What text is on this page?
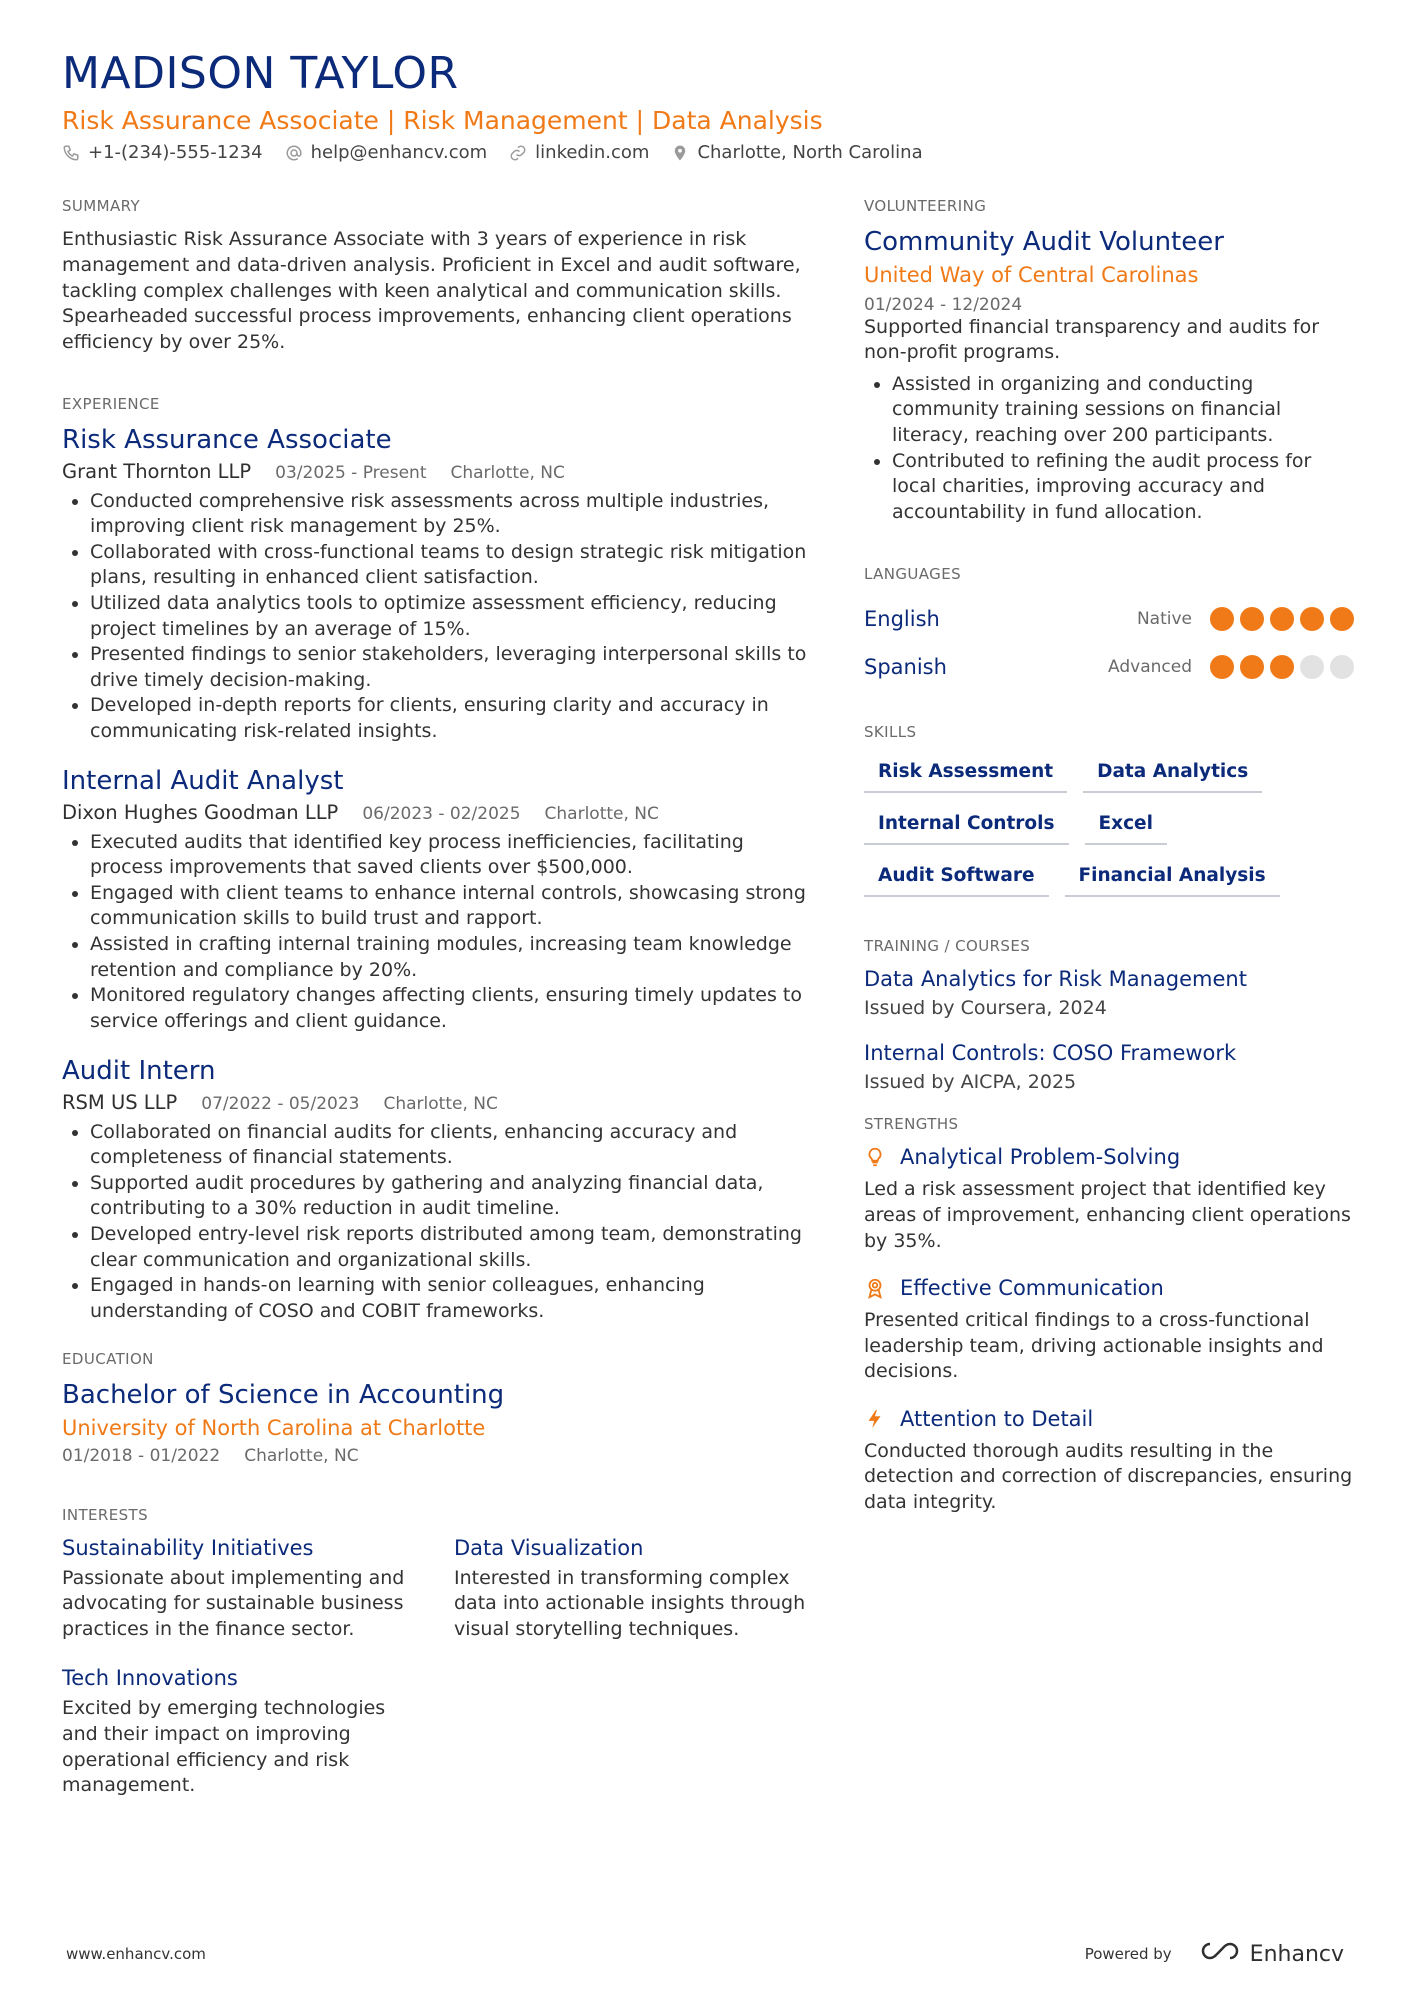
MADISON TAYLOR
Risk Assurance Associate | Risk Management | Data Analysis
+1-(234)-555-1234	help@enhancv.com	linkedin.com	Charlotte, North Carolina
SUMMARY

Enthusiastic Risk Assurance Associate with 3 years of experience in risk management and data-driven analysis. Proficient in Excel and audit software, tackling complex challenges with keen analytical and communication skills. Spearheaded successful process improvements, enhancing client operations efficiency by over 25%.

EXPERIENCE
Risk Assurance Associate
Grant Thornton LLP 03/2025 - Present Charlotte, NC
• Conducted comprehensive risk assessments across multiple industries, improving client risk management by 25%.
• Collaborated with cross-functional teams to design strategic risk mitigation plans, resulting in enhanced client satisfaction.
• Utilized data analytics tools to optimize assessment efficiency, reducing project timelines by an average of 15%.
• Presented findings to senior stakeholders, leveraging interpersonal skills to drive timely decision-making.
• Developed in-depth reports for clients, ensuring clarity and accuracy in communicating risk-related insights.
Internal Audit Analyst
Dixon Hughes Goodman LLP 06/2023 - 02/2025 Charlotte, NC
• Executed audits that identified key process inefficiencies, facilitating process improvements that saved clients over $500,000.
• Engaged with client teams to enhance internal controls, showcasing strong communication skills to build trust and rapport.
• Assisted in crafting internal training modules, increasing team knowledge retention and compliance by 20%.
• Monitored regulatory changes affecting clients, ensuring timely updates to service offerings and client guidance.
Audit Intern
RSM US LLP 07/2022 - 05/2023 Charlotte, NC
• Collaborated on financial audits for clients, enhancing accuracy and completeness of financial statements.
• Supported audit procedures by gathering and analyzing financial data, contributing to a 30% reduction in audit timeline.
• Developed entry-level risk reports distributed among team, demonstrating clear communication and organizational skills.
• Engaged in hands-on learning with senior colleagues, enhancing understanding of COSO and COBIT frameworks.
EDUCATION
Bachelor of Science in Accounting
University of North Carolina at Charlotte
01/2018 - 01/2022 Charlotte, NC
INTERESTS
Sustainability Initiatives

Passionate about implementing and advocating for sustainable business practices in the finance sector.

Data Visualization

Interested in transforming complex data into actionable insights through visual storytelling techniques.

Tech Innovations

Excited by emerging technologies and their impact on improving operational efficiency and risk management.

VOLUNTEERING
Community Audit Volunteer
United Way of Central Carolinas
01/2024 - 12/2024

Supported financial transparency and audits for non-profit programs.

• Assisted in organizing and conducting community training sessions on financial literacy, reaching over 200 participants.
• Contributed to refining the audit process for local charities, improving accuracy and accountability in fund allocation.
LANGUAGES
English	Native
Spanish	Advanced
SKILLS
Risk Assessment	Data Analytics
Internal Controls	Excel
Audit Software	Financial Analysis
TRAINING / COURSES
Data Analytics for Risk Management
Issued by Coursera, 2024
Internal Controls: COSO Framework
Issued by AICPA, 2025
STRENGTHS
Analytical Problem-Solving

Led a risk assessment project that identified key areas of improvement, enhancing client operations by 35%.

Effective Communication

Presented critical findings to a cross-functional leadership team, driving actionable insights and decisions.

Attention to Detail

Conducted thorough audits resulting in the detection and correction of discrepancies, ensuring data integrity.

www.enhancv.com	Powered by	Enhancv
